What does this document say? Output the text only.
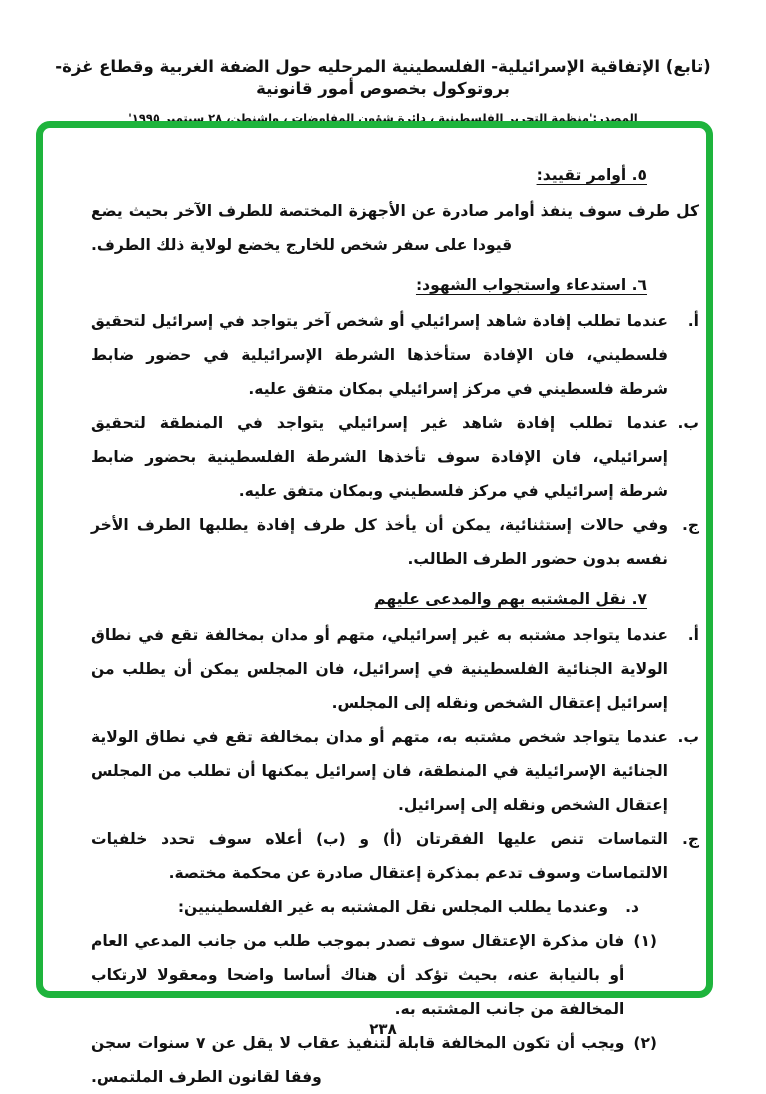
(تابع) الإتفاقية الإسرائيلية- الفلسطينية المرحليه حول الضفة الغربية وقطاع غزة- بروتوكول بخصوص أمور قانونية
المصدر:'منظمة التحرير الفلسطينية ، دائرة شؤون المفاوضات ، واشنطن، ٢٨ سبتمبر ١٩٩٥'
٥. أوامر تقييد:

كل طرف سوف ينفذ أوامر صادرة عن الأجهزة المختصة للطرف الآخر بحيث يضع قيودا على سفر شخص للخارج يخضع لولاية ذلك الطرف.

٦. استدعاء واستجواب الشهود:
أ.
عندما تطلب إفادة شاهد إسرائيلي أو شخص آخر يتواجد في إسرائيل لتحقيق فلسطيني، فان الإفادة ستأخذها الشرطة الإسرائيلية في حضور ضابط شرطة فلسطيني في مركز إسرائيلي بمكان متفق عليه.
ب.
عندما تطلب إفادة شاهد غير إسرائيلي يتواجد في المنطقة لتحقيق إسرائيلي، فان الإفادة سوف تأخذها الشرطة الفلسطينية بحضور ضابط شرطة إسرائيلي في مركز فلسطيني وبمكان متفق عليه.
ج.
وفي حالات إستثنائية، يمكن أن يأخذ كل طرف إفادة يطلبها الطرف الأخر نفسه بدون حضور الطرف الطالب.
٧. نقل المشتبه بهم والمدعى عليهم
أ.
عندما يتواجد مشتبه به غير إسرائيلي، متهم أو مدان بمخالفة تقع في نطاق الولاية الجنائية الفلسطينية في إسرائيل، فان المجلس يمكن أن يطلب من إسرائيل إعتقال الشخص ونقله إلى المجلس.
ب.
عندما يتواجد شخص مشتبه به، متهم أو مدان بمخالفة تقع في نطاق الولاية الجنائية الإسرائيلية في المنطقة، فان إسرائيل يمكنها أن تطلب من المجلس إعتقال الشخص ونقله إلى إسرائيل.
ج.
التماسات تنص عليها الفقرتان (أ) و (ب) أعلاه سوف تحدد خلفيات الالتماسات وسوف تدعم بمذكرة إعتقال صادرة عن محكمة مختصة.
د.
وعندما يطلب المجلس نقل المشتبه به غير الفلسطينيين:
(١)
فان مذكرة الإعتقال سوف تصدر بموجب طلب من جانب المدعي العام أو بالنيابة عنه، بحيث تؤكد أن هناك أساسا واضحا ومعقولا لارتكاب المخالفة من جانب المشتبه به.
(٢)
ويجب أن تكون المخالفة قابلة لتنفيذ عقاب لا يقل عن ٧ سنوات سجن وفقا لقانون الطرف الملتمس.
٢٣٨
